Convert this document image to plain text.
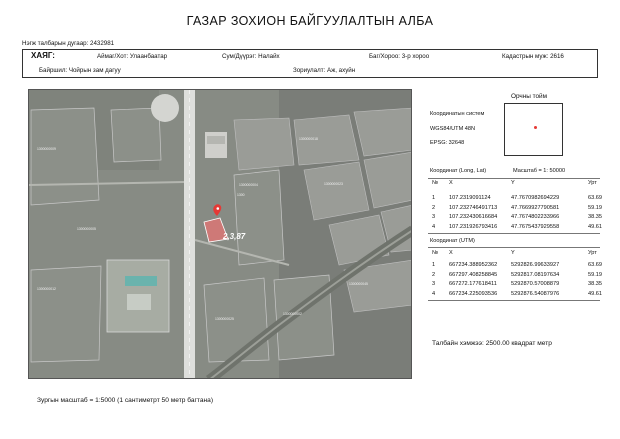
ГАЗАР ЗОХИОН БАЙГУУЛАЛТЫН АЛБА
Нэгж талбарын дугаар: 2432981
ХАЯГ:	Аймаг/Хот: Улаанбаатар	Сум/Дүүрэг: Налайх	Баг/Хороо: 3-р хороо	Кадастрын муж: 2616
Байршил: Чойрын зам дагуу	Зориулалт: Аж, ахуйн
2,3,87
1300
1300000005
1300000004	1300000023
1300000045
1300000012
1300000025
1300000002
1300000018
1300000009
Орчны тойм
Координатын систем
WGS84/UTM 48N
EPSG: 32648
Координат (Long, Lat)	Масштаб = 1: 50000
№ X	Y	Урт
1 107.2319091124	47.7670982694229	63.69
2 107.232746491713 47.7669927790581	59.19
3 107.232430616684 47.7674802233966	38.35
4 107.231926793416 47.7675437929558	49.61
Координат (UTM)
№ X	Y	Урт
1 667234.388952362 5292826.99633927	63.69
2 667297.408258845 5292817.08197634	59.19
3 667272.177618411	5292870.57008879	38.35
4 667234.225093536 5292876.54087976	49.61
Талбайн хэмжээ: 2500.00 квадрат метр
Зургын масштаб = 1:5000 (1 сантиметрт 50 метр багтана)
